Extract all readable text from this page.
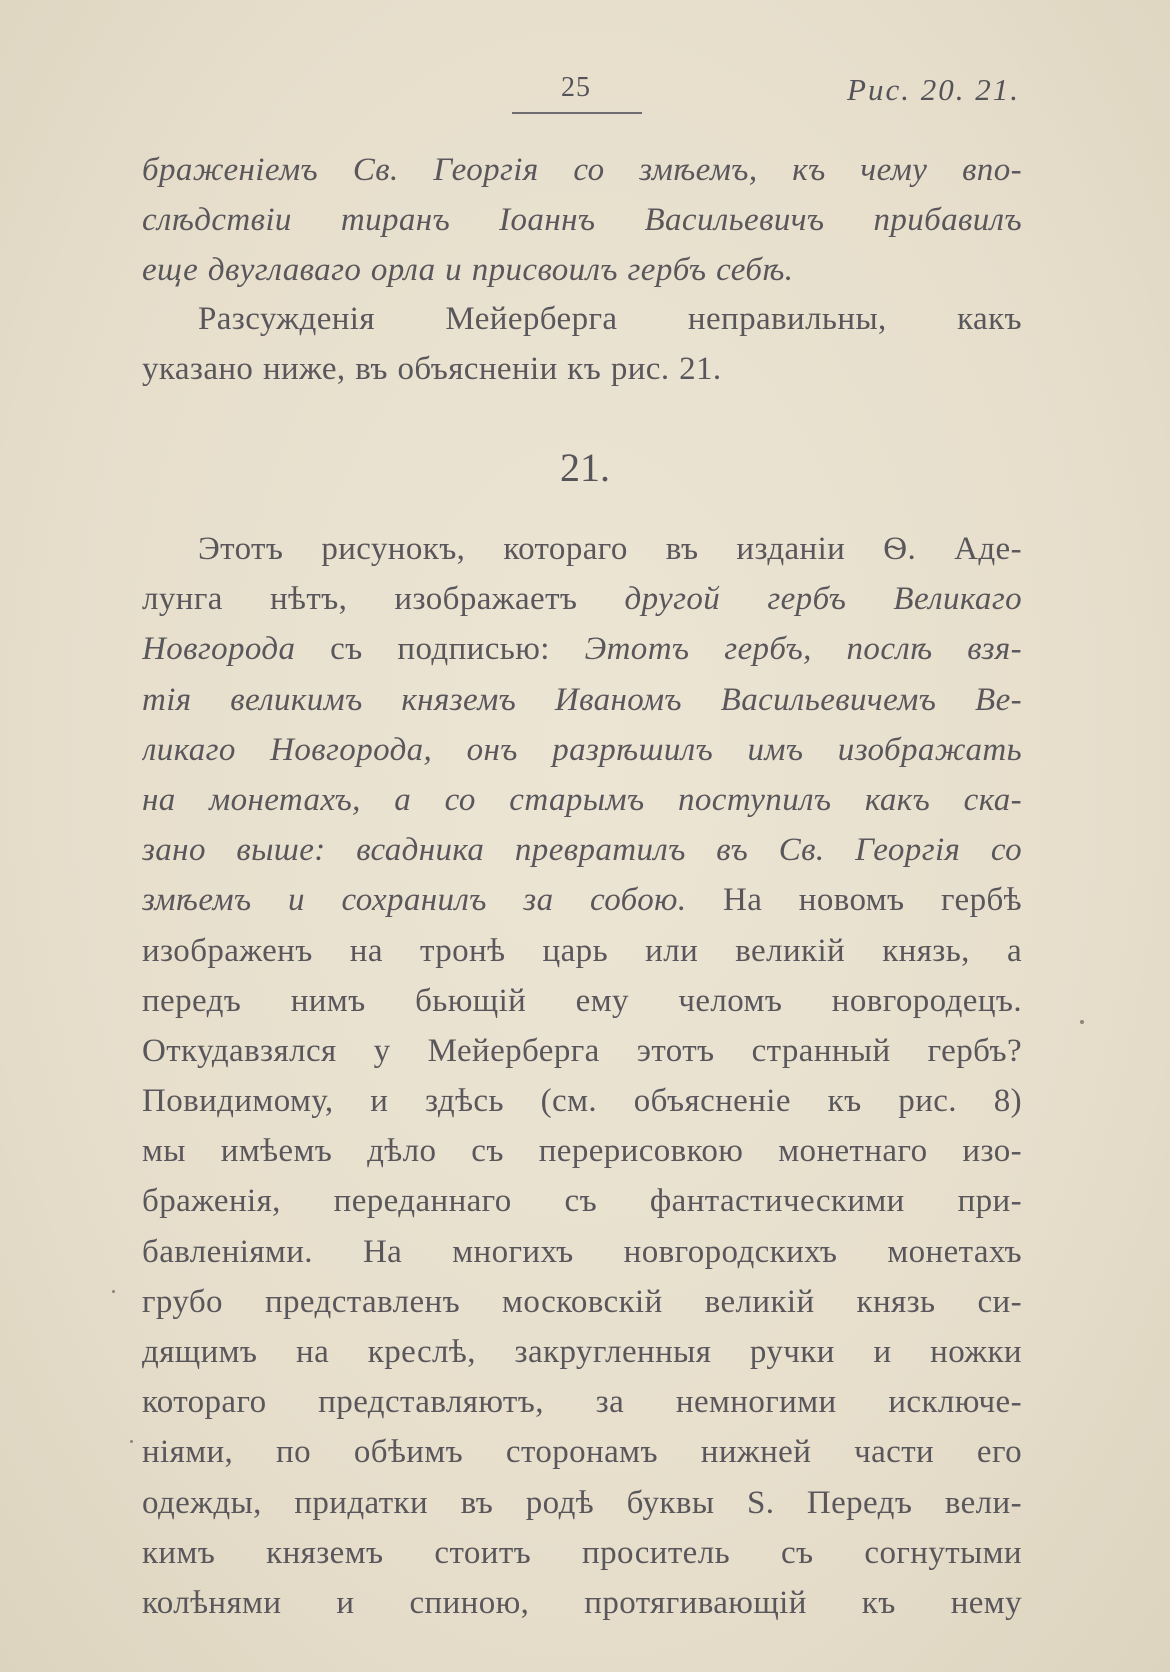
25	Рис. 20. 21.
браженіемъ Св. Георгія со змѣемъ, къ чему впо-
слѣдствіи тиранъ Іоаннъ Васильевичъ прибавилъ
еще двуглаваго орла и присвоилъ гербъ себѣ.
Разсужденія Мейерберга неправильны, какъ
указано ниже, въ объясненіи къ рис. 21.
21.
Этотъ рисунокъ, котораго въ изданіи Ѳ. Аде-
лунга нѣтъ, изображаетъ другой гербъ Великаго
Новгорода съ подписью: Этотъ гербъ, послѣ взя-
тія великимъ княземъ Иваномъ Васильевичемъ Ве-
ликаго Новгорода, онъ разрѣшилъ имъ изображать
на монетахъ, а со старымъ поступилъ какъ ска-
зано выше: всадника превратилъ въ Св. Георгія со
змѣемъ и сохранилъ за собою. На новомъ гербѣ
изображенъ на тронѣ царь или великій князь, а
передъ нимъ бьющій ему челомъ новгородецъ.
Откудавзялся у Мейерберга этотъ странный гербъ?
Повидимому, и здѣсь (см. объясненіе къ рис. 8)
мы имѣемъ дѣло съ перерисовкою монетнаго изо-
браженія, переданнаго съ фантастическими при-
бавленіями. На многихъ новгородскихъ монетахъ
грубо представленъ московскій великій князь си-
дящимъ на креслѣ, закругленныя ручки и ножки
котораго представляютъ, за немногими исключе-
ніями, по обѣимъ сторонамъ нижней части его
одежды, придатки въ родѣ буквы S. Передъ вели-
кимъ княземъ стоитъ проситель съ согнутыми
колѣнями и спиною, протягивающій къ нему
